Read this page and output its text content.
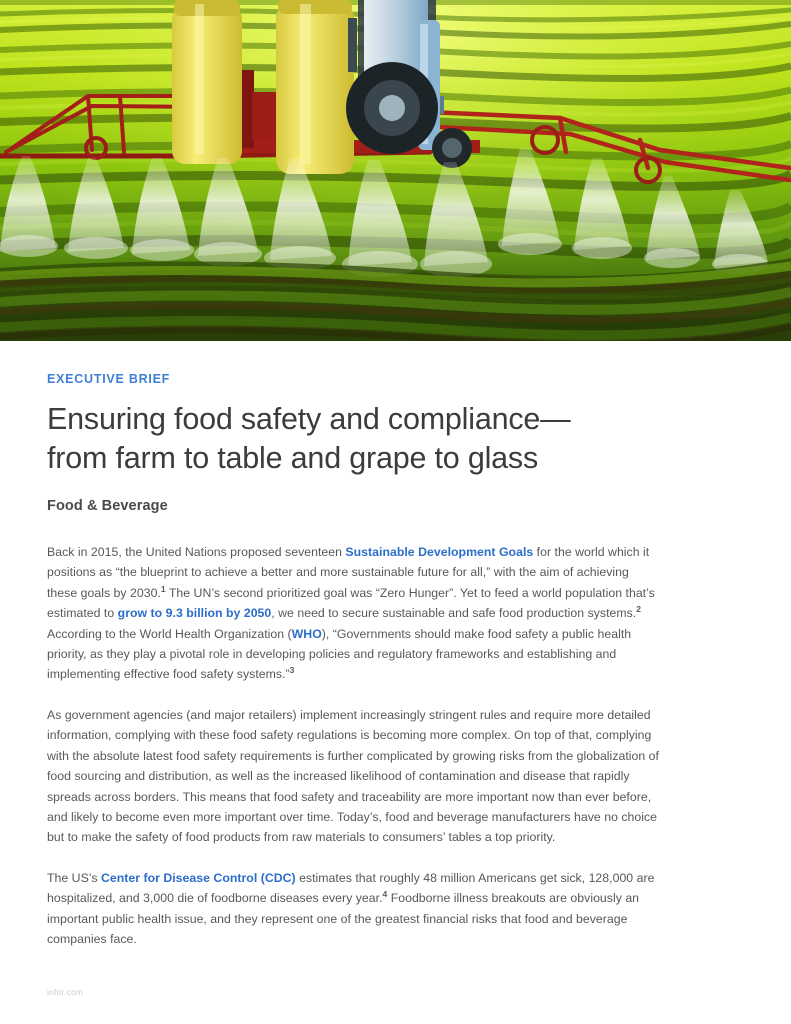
EXECUTIVE BRIEF
Ensuring food safety and compliance—
from farm to table and grape to glass
Food & Beverage

Back in 2015, the United Nations proposed seventeen Sustainable Development Goals for the world which it positions as “the blueprint to achieve a better and more sustainable future for all,” with the aim of achieving these goals by 2030.$^1$ The UN’s second prioritized goal was “Zero Hunger”. Yet to feed a world population that’s estimated to grow to 9.3 billion by 2050, we need to secure sustainable and safe food production systems.$^2$ According to the World Health Organization (WHO), “Governments should make food safety a public health priority, as they play a pivotal role in developing policies and regulatory frameworks and establishing and implementing effective food safety systems.”$^3$

As government agencies (and major retailers) implement increasingly stringent rules and require more detailed information, complying with these food safety regulations is becoming more complex. On top of that, complying with the absolute latest food safety requirements is further complicated by growing risks from the globalization of food sourcing and distribution, as well as the increased likelihood of contamination and disease that rapidly spreads across borders. This means that food safety and traceability are more important now than ever before, and likely to become even more important over time. Today’s, food and beverage manufacturers have no choice but to make the safety of food products from raw materials to consumers’ tables a top priority.

The US’s Center for Disease Control (CDC) estimates that roughly 48 million Americans get sick, 128,000 are hospitalized, and 3,000 die of foodborne diseases every year.$^4$ Foodborne illness breakouts are obviously an important public health issue, and they represent one of the greatest financial risks that food and beverage companies face.

infor.com
